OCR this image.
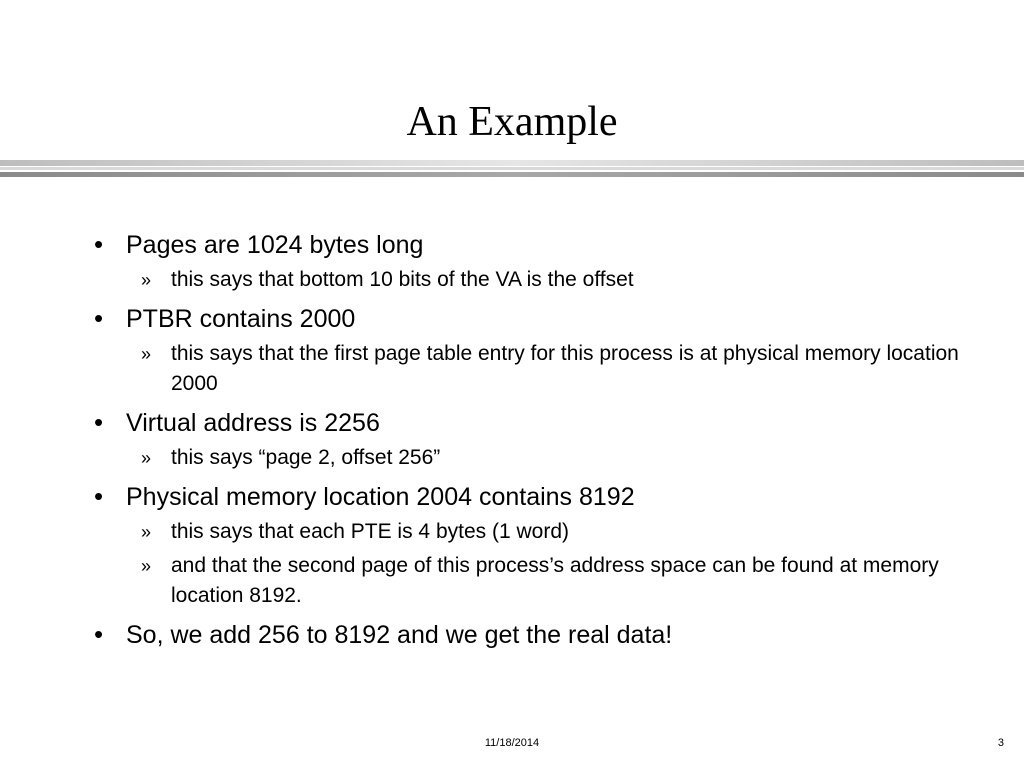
An Example
• Pages are 1024 bytes long
» this says that bottom 10 bits of the VA is the offset
• PTBR contains 2000
» this says that the first page table entry for this process is at physical memory location 2000
• Virtual address is 2256
» this says “page 2, offset 256”
• Physical memory location 2004 contains 8192
» this says that each PTE is 4 bytes (1 word)
» and that the second page of this process’s address space can be found at memory location 8192.
• So, we add 256 to 8192 and we get the real data!
11/18/2014	3
